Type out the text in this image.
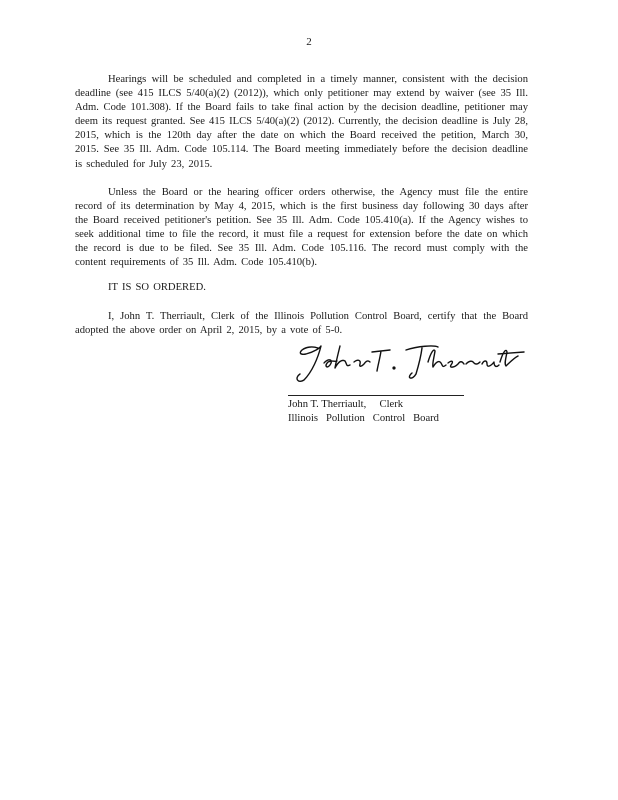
2

Hearings will be scheduled and completed in a timely manner, consistent with the decision deadline (see 415 ILCS 5/40(a)(2) (2012)), which only petitioner may extend by waiver (see 35 Ill. Adm. Code 101.308). If the Board fails to take final action by the decision deadline, petitioner may deem its request granted. See 415 ILCS 5/40(a)(2) (2012). Currently, the decision deadline is July 28, 2015, which is the 120th day after the date on which the Board received the petition, March 30, 2015. See 35 Ill. Adm. Code 105.114. The Board meeting immediately before the decision deadline is scheduled for July 23, 2015.

Unless the Board or the hearing officer orders otherwise, the Agency must file the entire record of its determination by May 4, 2015, which is the first business day following 30 days after the Board received petitioner's petition. See 35 Ill. Adm. Code 105.410(a). If the Agency wishes to seek additional time to file the record, it must file a request for extension before the date on which the record is due to be filed. See 35 Ill. Adm. Code 105.116. The record must comply with the content requirements of 35 Ill. Adm. Code 105.410(b).

IT IS SO ORDERED.

I, John T. Therriault, Clerk of the Illinois Pollution Control Board, certify that the Board adopted the above order on April 2, 2015, by a vote of 5-0.

John T. Therriault,     Clerk
Illinois   Pollution   Control   Board
